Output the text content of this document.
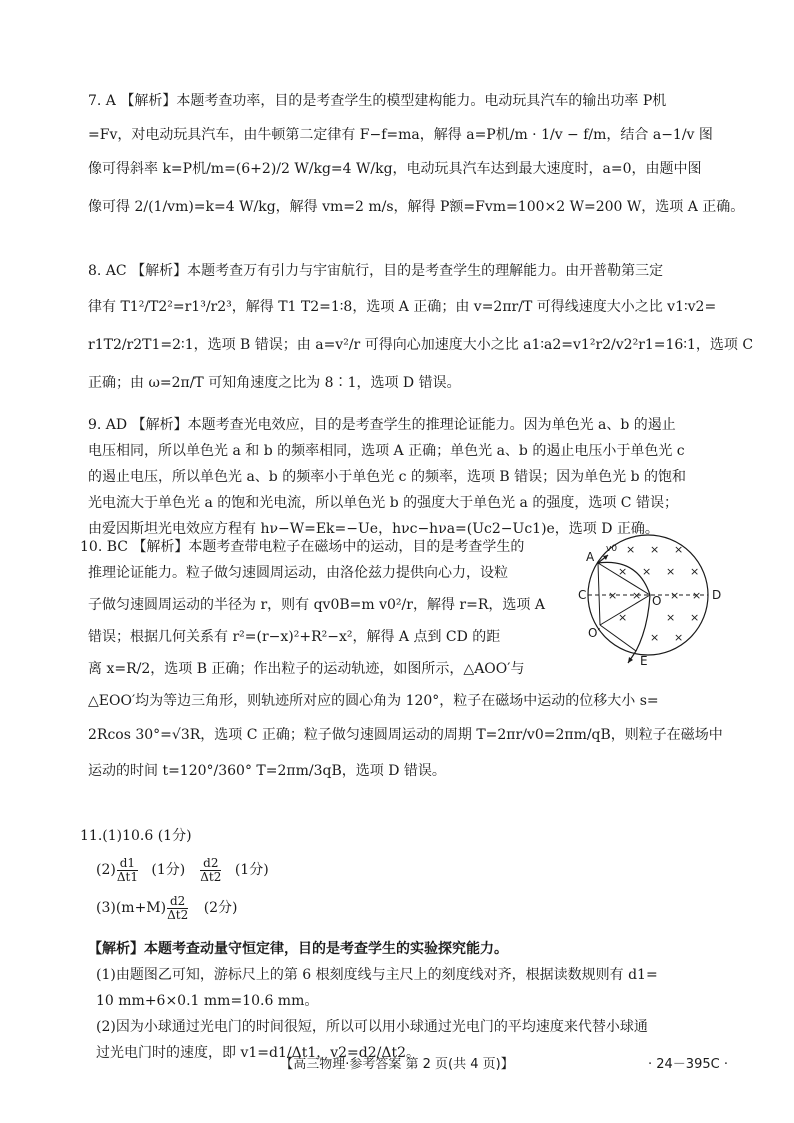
7. A 【解析】本题考查功率，目的是考查学生的模型建构能力。电动玩具汽车的输出功率 P机
=Fv，对电动玩具汽车，由牛顿第二定律有 F−f=ma，解得 a=P机/m · 1/v − f/m，结合 a−1/v 图
像可得斜率 k=P机/m=(6+2)/2 W/kg=4 W/kg，电动玩具汽车达到最大速度时，a=0，由题中图
像可得 2/(1/vm)=k=4 W/kg，解得 vm=2 m/s，解得 P额=Fvm=100×2 W=200 W，选项 A 正确。
8. AC 【解析】本题考查万有引力与宇宙航行，目的是考查学生的理解能力。由开普勒第三定
律有 T1²/T2²=r1³/r2³，解得 T1 T2=1∶8，选项 A 正确；由 v=2πr/T 可得线速度大小之比 v1∶v2=
r1T2/r2T1=2∶1，选项 B 错误；由 a=v²/r 可得向心加速度大小之比 a1∶a2=v1²r2/v2²r1=16∶1，选项 C
正确；由 ω=2π/T 可知角速度之比为 8∶1，选项 D 错误。
9. AD 【解析】本题考查光电效应，目的是考查学生的推理论证能力。因为单色光 a、b 的遏止
电压相同，所以单色光 a 和 b 的频率相同，选项 A 正确；单色光 a、b 的遏止电压小于单色光 c
的遏止电压，所以单色光 a、b 的频率小于单色光 c 的频率，选项 B 错误；因为单色光 b 的饱和
光电流大于单色光 a 的饱和光电流，所以单色光 b 的强度大于单色光 a 的强度，选项 C 错误；
由爱因斯坦光电效应方程有 hν−W=Ek=−Ue，hνc−hνa=(Uc2−Uc1)e，选项 D 正确。
10. BC 【解析】本题考查带电粒子在磁场中的运动，目的是考查学生的
推理论证能力。粒子做匀速圆周运动，由洛伦兹力提供向心力，设粒
子做匀速圆周运动的半径为 r，则有 qv0B=m v0²/r，解得 r=R，选项 A
错误；根据几何关系有 r²=(r−x)²+R²−x²，解得 A 点到 CD 的距
离 x=R/2，选项 B 正确；作出粒子的运动轨迹，如图所示，△AOO′与
△EOO′均为等边三角形，则轨迹所对应的圆心角为 120°，粒子在磁场中运动的位移大小 s=
2Rcos 30°=√3R，选项 C 正确；粒子做匀速圆周运动的周期 T=2πr/v0=2πm/qB，则粒子在磁场中
运动的时间 t=120°/360° T=2πm/3qB，选项 D 错误。
A
v0
C	O	D
O′
E
× × ×
× × × ×
× ×	× ×
×	× ×
× ×
11.(1)10.6 (1分)
$(2) \frac{d1}{\Delta t1} (1$分) $\frac{d2}{\Delta t2} (1$分)
$(3)(m+M) \frac{d2}{\Delta t2} (2$分)
【解析】本题考查动量守恒定律，目的是考查学生的实验探究能力。
(1)由题图乙可知，游标尺上的第 6 根刻度线与主尺上的刻度线对齐，根据读数规则有 d1=
10 mm+6×0.1 mm=10.6 mm。
(2)因为小球通过光电门的时间很短，所以可以用小球通过光电门的平均速度来代替小球通
过光电门时的速度，即 v1=d1/Δt1，v2=d2/Δt2。
【高三物理·参考答案 第 2 页(共 4 页)】	· 24－395C ·
